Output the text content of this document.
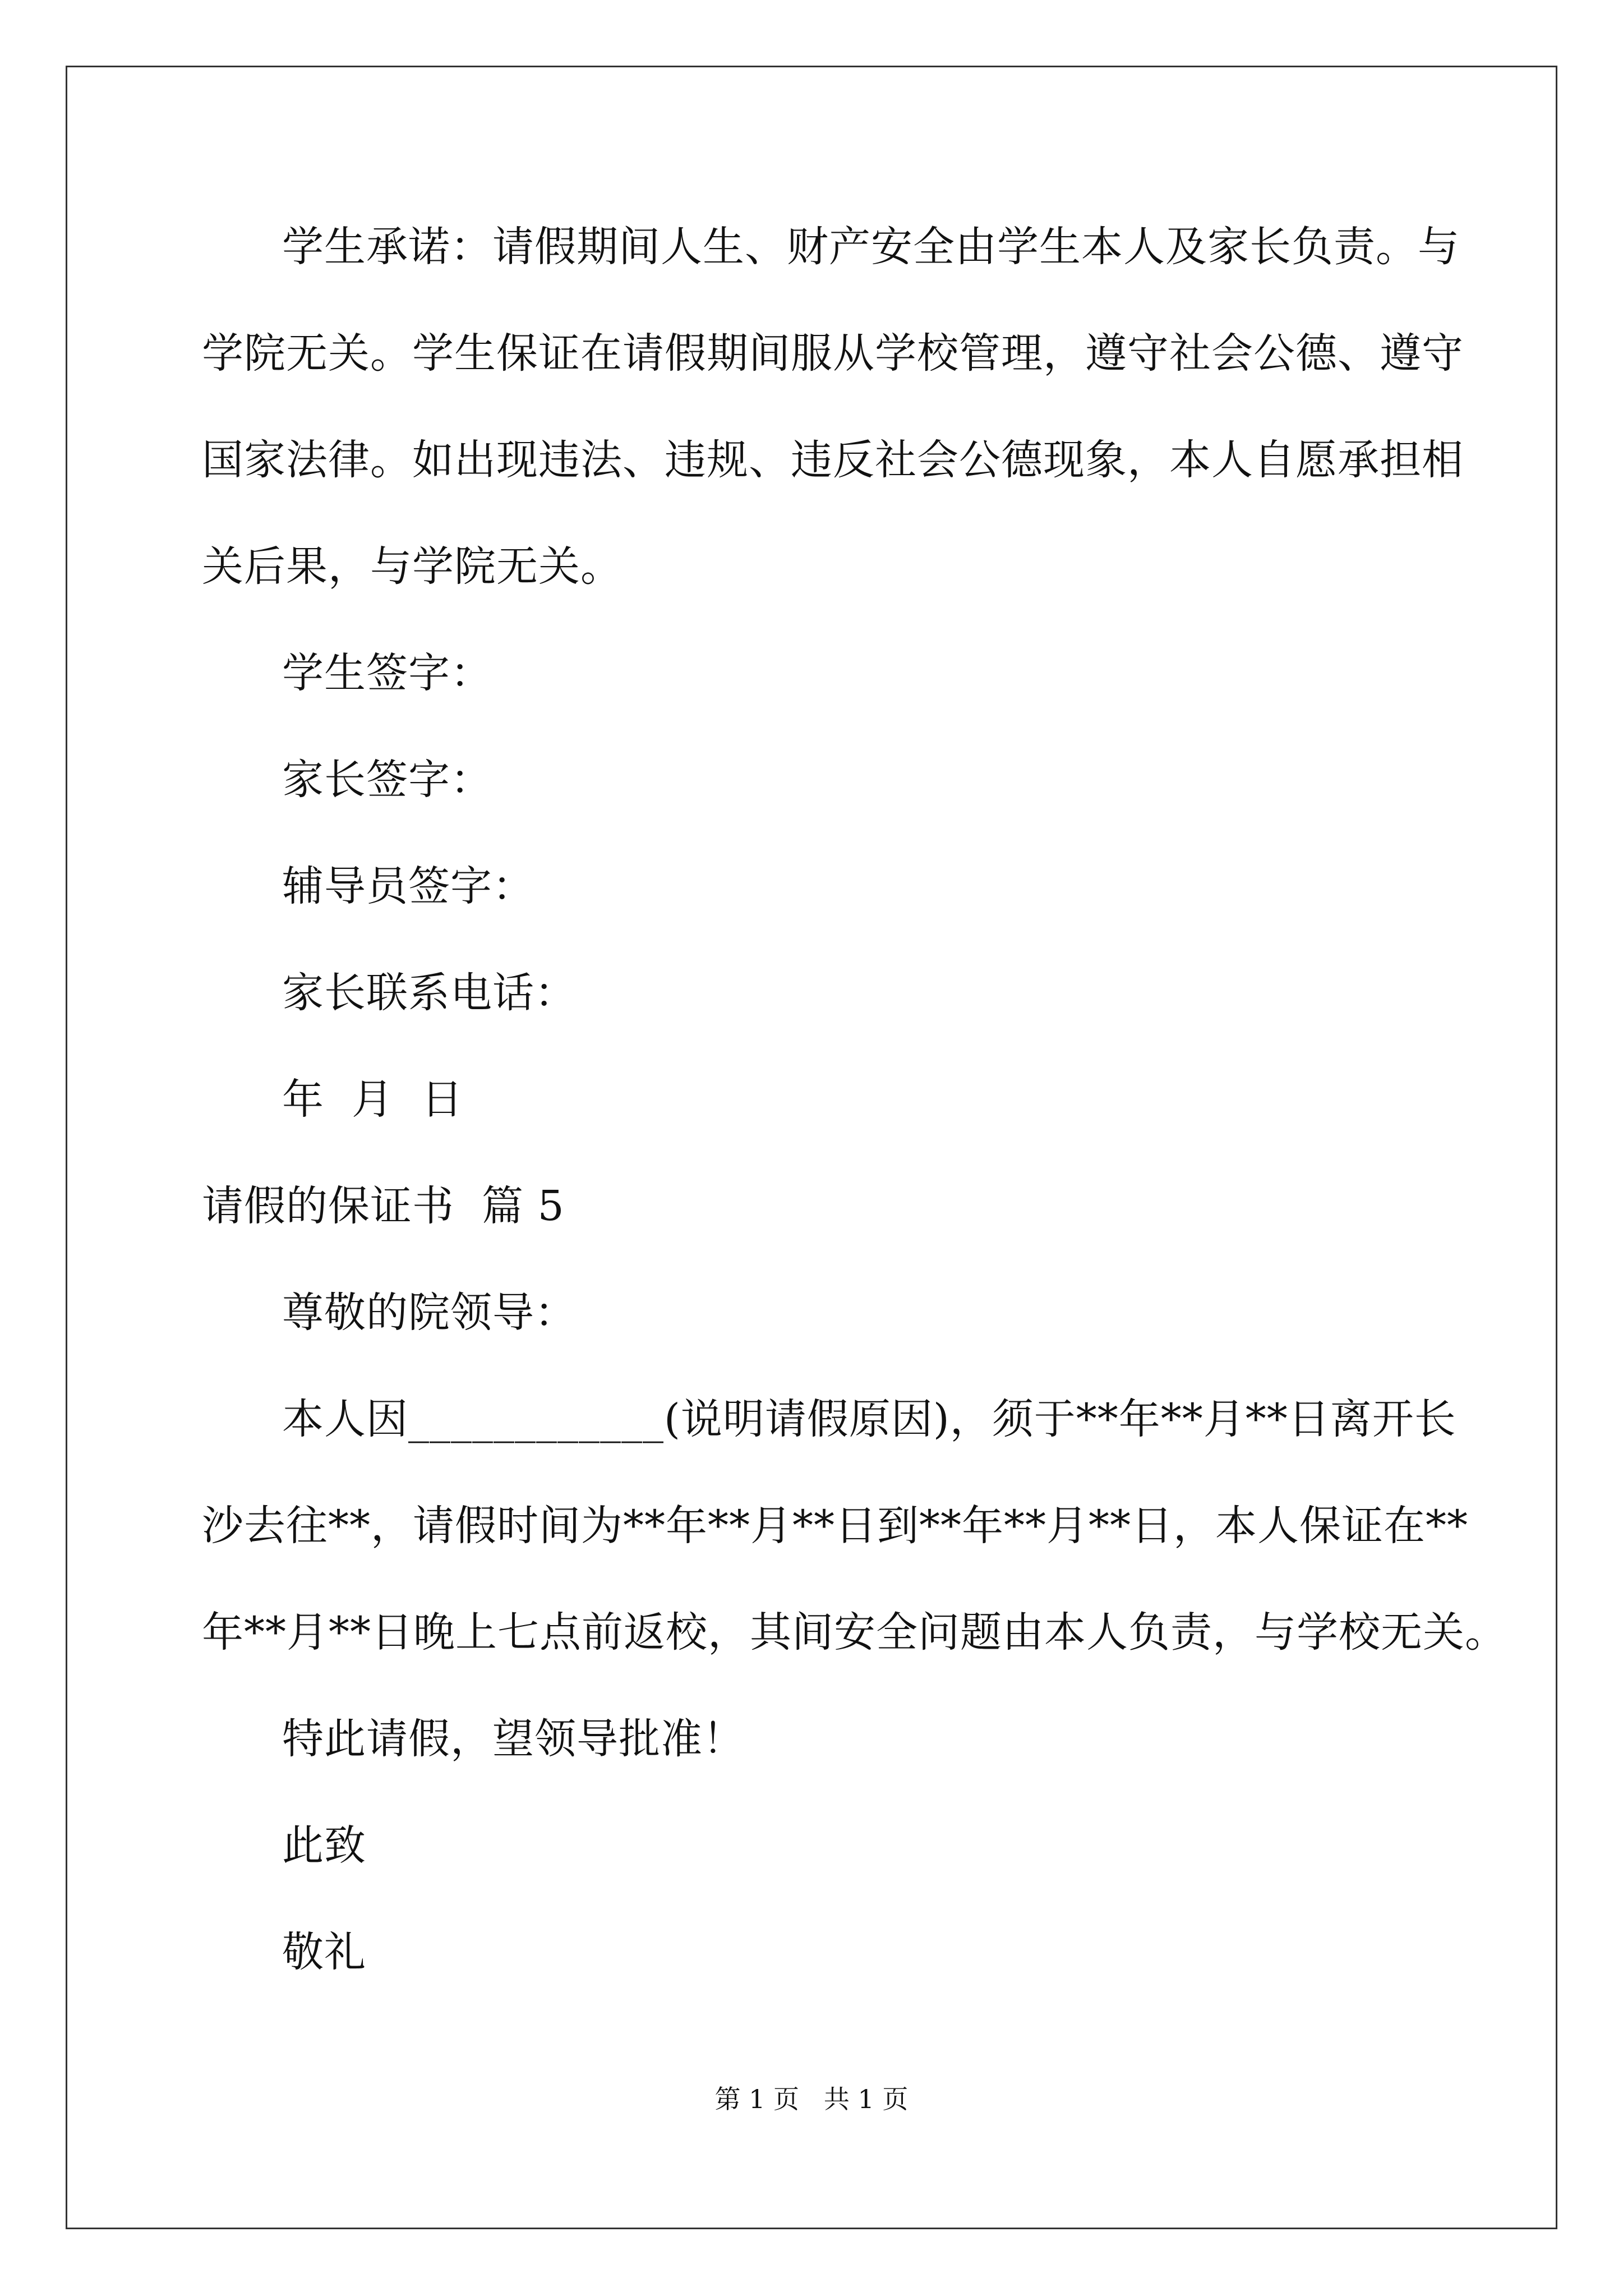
学生承诺：请假期间人生、财产安全由学生本人及家长负责。与
学院无关。学生保证在请假期间服从学校管理，遵守社会公德、遵守
国家法律。如出现违法、违规、违反社会公德现象，本人自愿承担相
关后果，与学院无关。
学生签字：
家长签字：
辅导员签字：
家长联系电话：
年  月  日
请假的保证书  篇 5
尊敬的院领导：
本人因____________(说明请假原因)，须于**年**月**日离开长
沙去往**，请假时间为**年**月**日到**年**月**日，本人保证在**
年**月**日晚上七点前返校，其间安全问题由本人负责，与学校无关。
特此请假，望领导批准！
此致
敬礼
第 1 页   共 1 页
